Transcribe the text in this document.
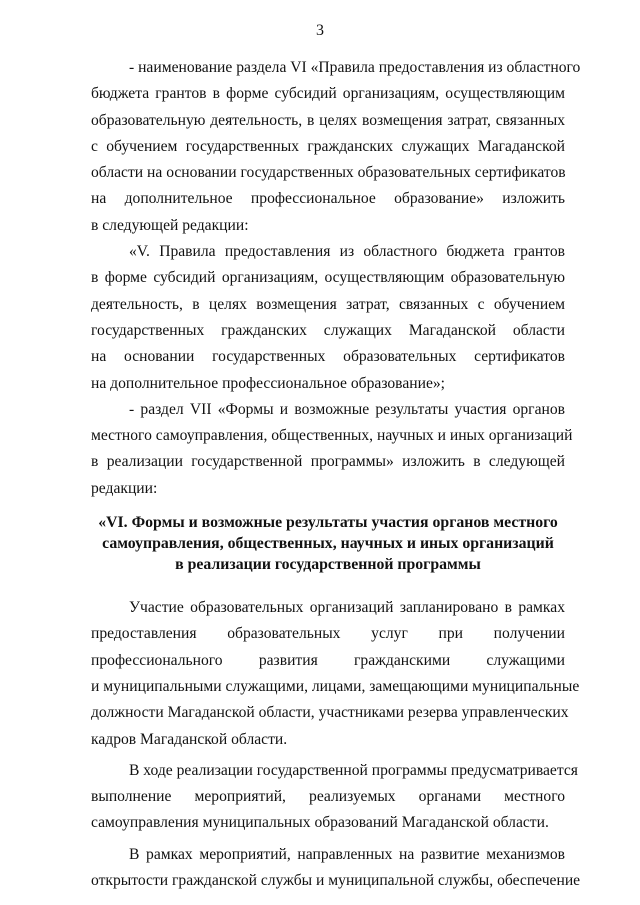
3
- наименование раздела VI «Правила предоставления из областного
бюджета грантов в форме субсидий организациям, осуществляющим
образовательную деятельность, в целях возмещения затрат, связанных
с обучением государственных гражданских служащих Магаданской
области на основании государственных образовательных сертификатов
на дополнительное профессиональное образование» изложить
в следующей редакции:
«V. Правила предоставления из областного бюджета грантов
в форме субсидий организациям, осуществляющим образовательную
деятельность, в целях возмещения затрат, связанных с обучением
государственных гражданских служащих Магаданской области
на основании государственных образовательных сертификатов
на дополнительное профессиональное образование»;
- раздел VII «Формы и возможные результаты участия органов
местного самоуправления, общественных, научных и иных организаций
в реализации государственной программы» изложить в следующей
редакции:
«VI. Формы и возможные результаты участия органов местного
самоуправления, общественных, научных и иных организаций
в реализации государственной программы
Участие образовательных организаций запланировано в рамках
предоставления образовательных услуг при получении
профессионального развития гражданскими служащими
и муниципальными служащими, лицами, замещающими муниципальные
должности Магаданской области, участниками резерва управленческих
кадров Магаданской области.
В ходе реализации государственной программы предусматривается
выполнение мероприятий, реализуемых органами местного
самоуправления муниципальных образований Магаданской области.
В рамках мероприятий, направленных на развитие механизмов
открытости гражданской службы и муниципальной службы, обеспечение
